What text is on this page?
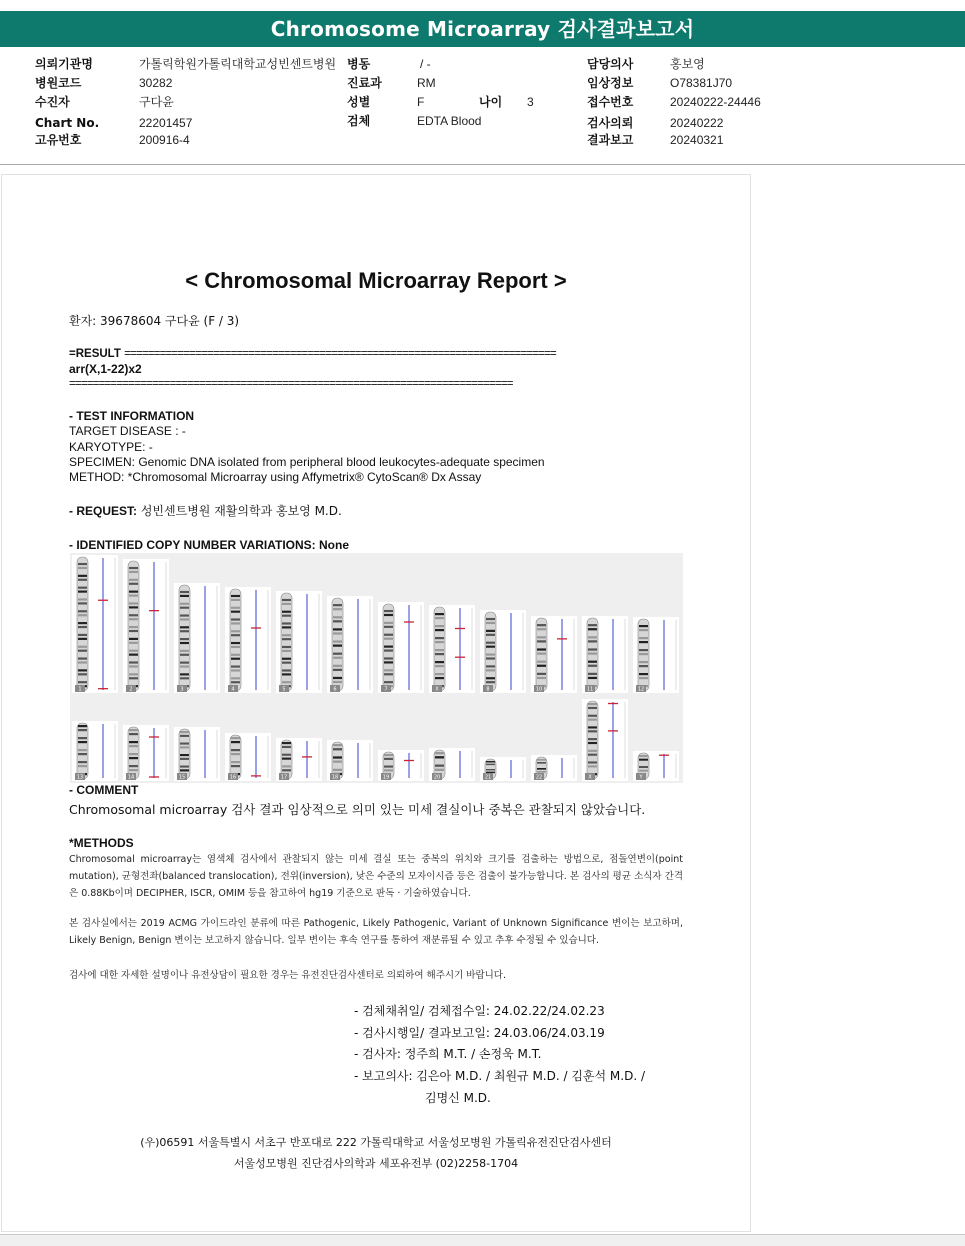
Chromosome Microarray 검사결과보고서
의뢰기관명	가톨릭학원가톨릭대학교성빈센트병원
병원코드	30282
수진자	구다윤
Chart No.	22201457
고유번호	200916-4
병동	/ -
진료과	RM
성별	F	나이 3
검체	EDTA Blood
담당의사	홍보영
임상정보	O78381J70
접수번호	20240222-24446
검사의뢰	20240222
결과보고	20240321
< Chromosomal Microarray Report >
환자: 39678604 구다윤 (F / 3)
=RESULT =========================================================================
arr(X,1-22)x2
===========================================================================
- TEST INFORMATION
TARGET DISEASE : -
KARYOTYPE: -
SPECIMEN: Genomic DNA isolated from peripheral blood leukocytes-adequate specimen
METHOD: *Chromosomal Microarray using Affymetrix® CytoScan® Dx Assay
- REQUEST: 성빈센트병원 재활의학과 홍보영 M.D.
- IDENTIFIED COPY NUMBER VARIATIONS: None
1	2	3	4	5	6	7	X	8	10	11	12
13	14	15	16	17	18	19	20	21	22	X	Y
- COMMENT
Chromosomal microarray 검사 결과 임상적으로 의미 있는 미세 결실이나 중복은 관찰되지 않았습니다.
*METHODS
Chromosomal microarray는 염색체 검사에서 관찰되지 않는 미세 결실 또는 중복의 위치와 크기를 검출하는 방법으로, 점돌연변이(point mutation), 균형전좌(balanced translocation), 전위(inversion), 낮은 수준의 모자이시즘 등은 검출이 불가능합니다. 본 검사의 평균 소식자 간격은 0.88Kb이며 DECIPHER, ISCR, OMIM 등을 참고하여 hg19 기준으로 판독 · 기술하였습니다.
본 검사실에서는 2019 ACMG 가이드라인 분류에 따른 Pathogenic, Likely Pathogenic, Variant of Unknown Significance 변이는 보고하며, Likely Benign, Benign 변이는 보고하지 않습니다. 일부 변이는 후속 연구를 통하여 재분류될 수 있고 추후 수정될 수 있습니다.
검사에 대한 자세한 설명이나 유전상담이 필요한 경우는 유전진단검사센터로 의뢰하여 해주시기 바랍니다.
- 검체채취일/ 검체접수일: 24.02.22/24.02.23
- 검사시행일/ 결과보고일: 24.03.06/24.03.19
- 검사자: 정주희 M.T. / 손정욱 M.T.
- 보고의사: 김은아 M.D. / 최원규 M.D. / 김훈석 M.D. /
김명신 M.D.
(우)06591 서울특별시 서초구 반포대로 222 가톨릭대학교 서울성모병원 가톨릭유전진단검사센터
서울성모병원 진단검사의학과 세포유전부 (02)2258-1704
